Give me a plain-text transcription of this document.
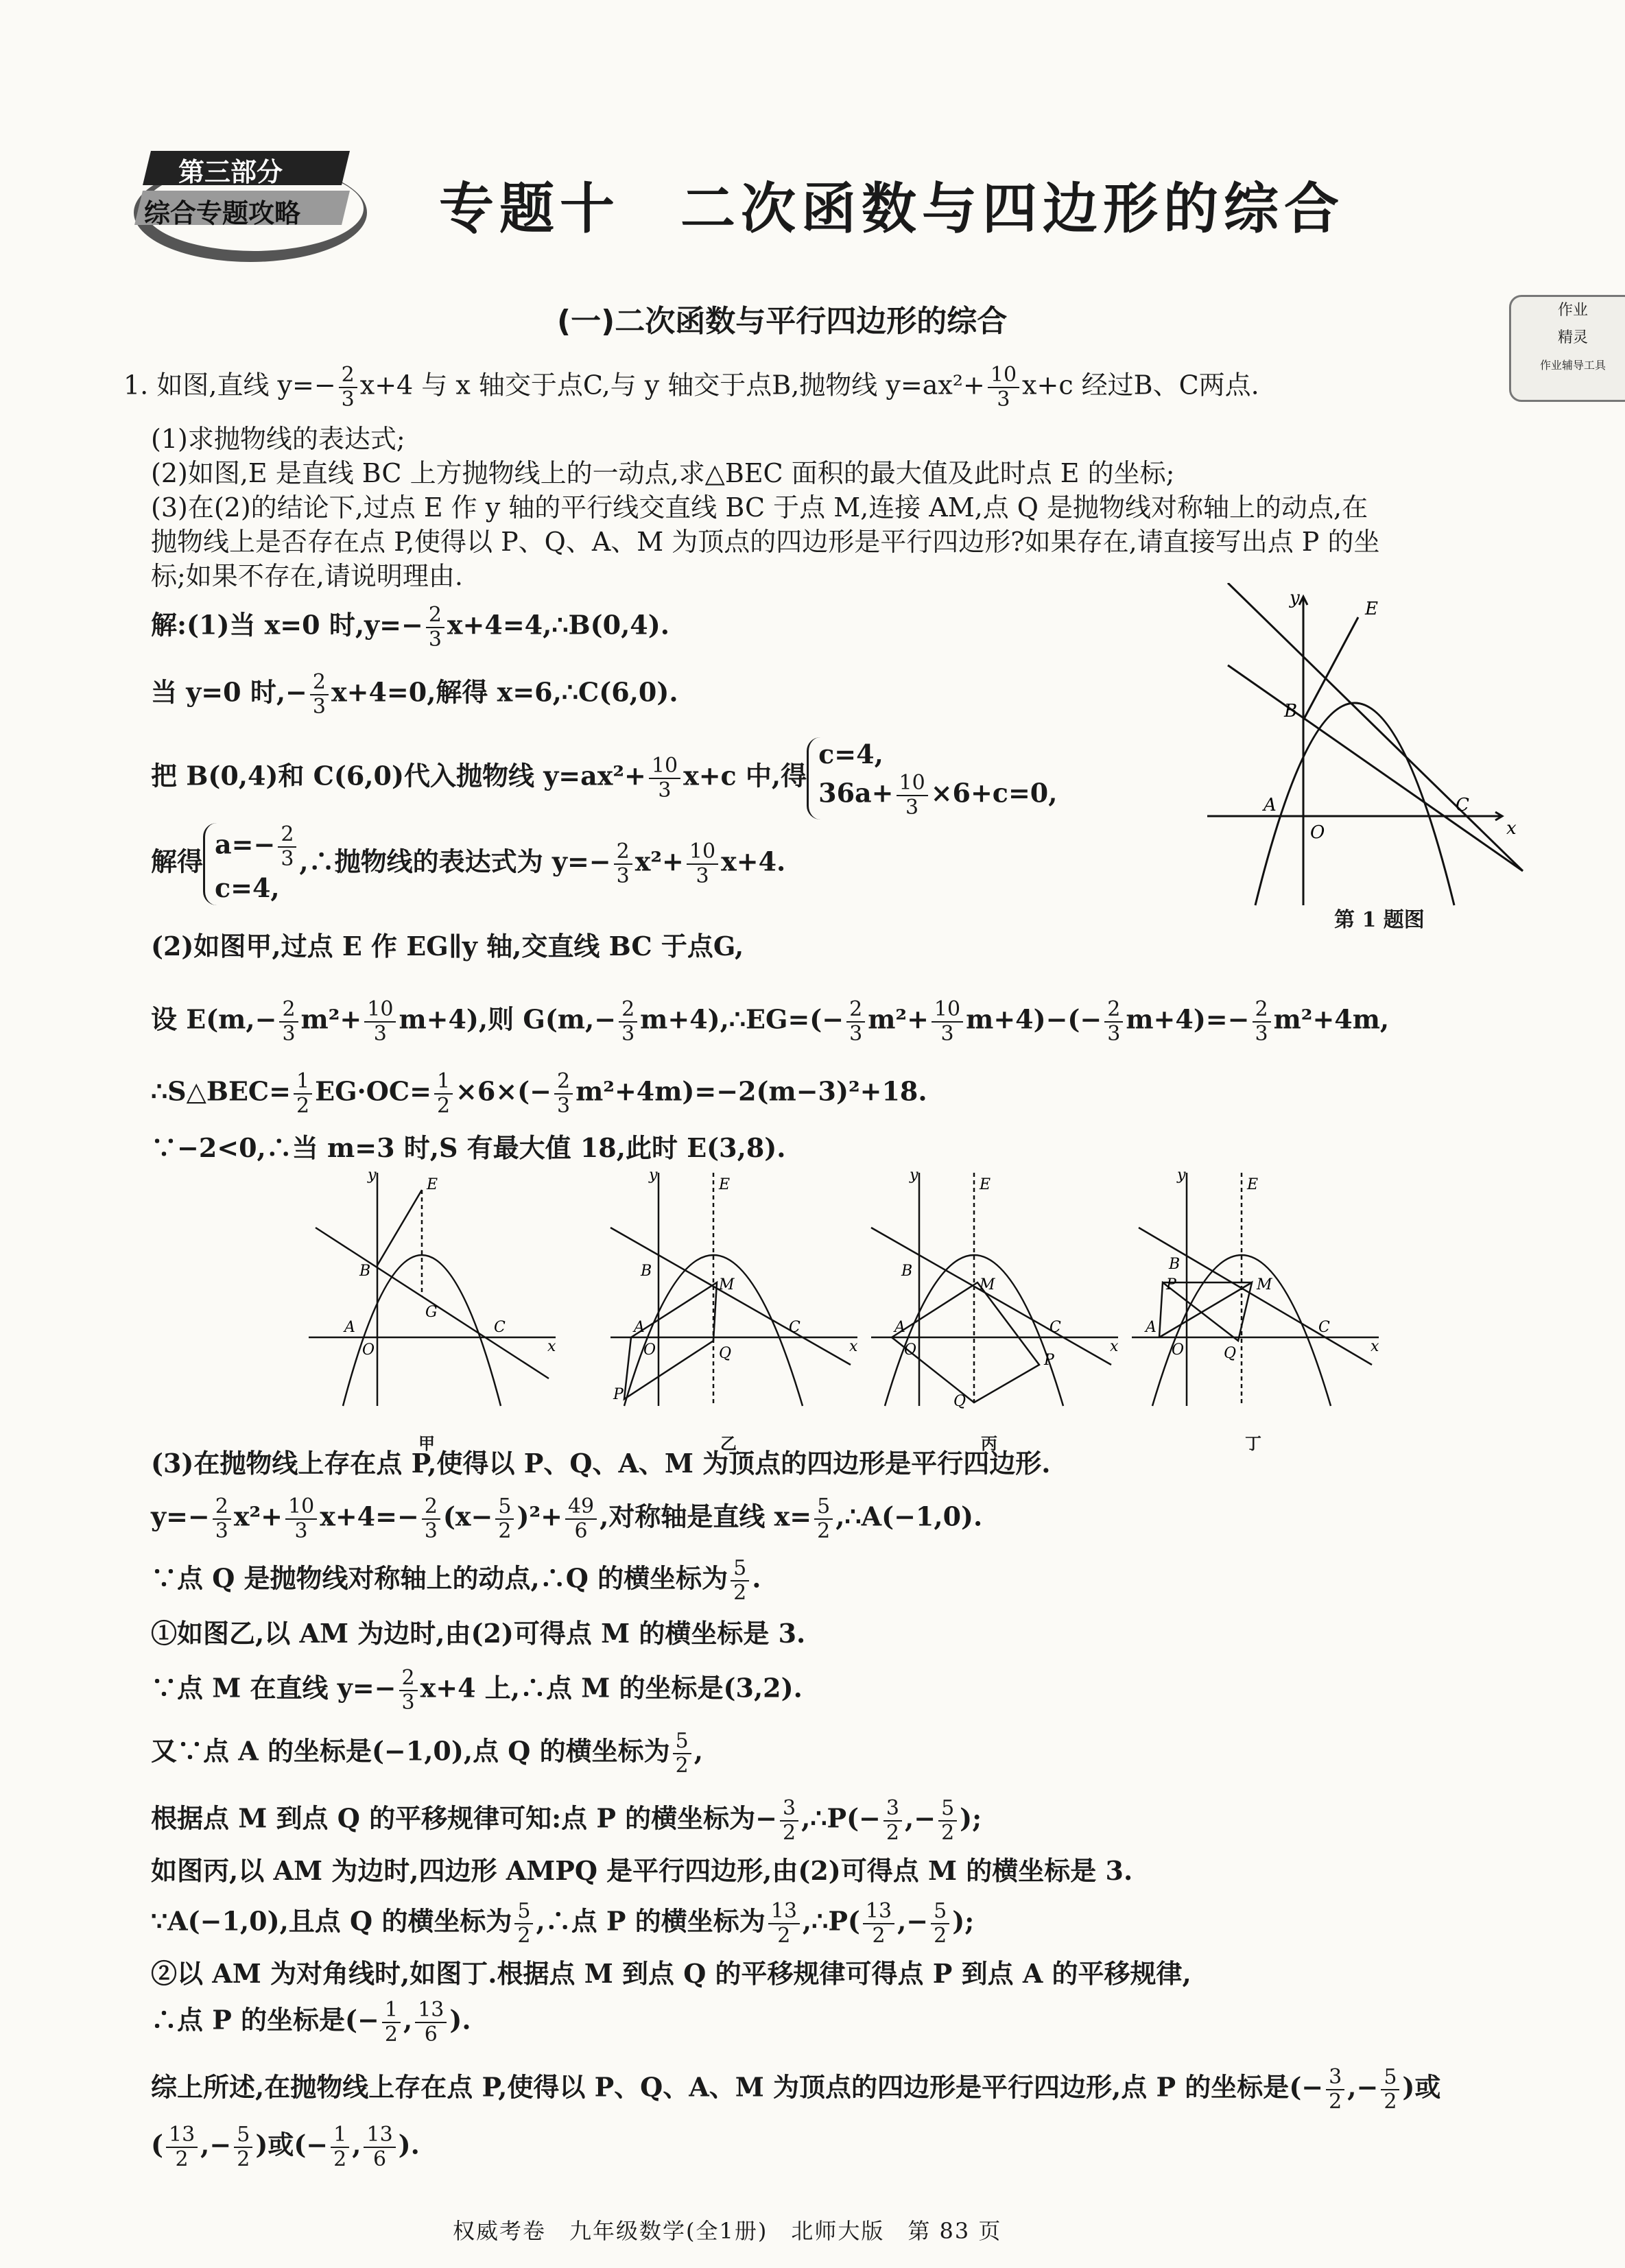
第三部分
综合专题攻略	专题十　二次函数与四边形的综合
(一)二次函数与平行四边形的综合	作业
精灵
作业辅导工具
1. 如图,直线 $y=- \frac{2}{3} x+4$ 与 x 轴交于点C,与 y 轴交于点B,抛物线 $y=ax^2+ \frac{10}{3} x+c$ 经过B、C两点.
(1)求抛物线的表达式;
(2)如图,E 是直线 BC 上方抛物线上的一动点,求△BEC 面积的最大值及此时点 E 的坐标;
(3)在(2)的结论下,过点 E 作 y 轴的平行线交直线 BC 于点 M,连接 AM,点 Q 是抛物线对称轴上的动点,在
抛物线上是否存在点 P,使得以 P、Q、A、M 为顶点的四边形是平行四边形?如果存在,请直接写出点 P 的坐
标;如果不存在,请说明理由.
解:(1)当 x=0 时$,y=- \frac{2}{3}$ x+4=4,∴B(0,4).
当 y=0 时,− $\frac{2}{3} x+4=0$,解得 x=6,∴C(6,0).
把 B(0,4)和 C(6,0)代入抛物线 $y=ax^2+ \frac{10}{3} x+c$ 中,得c=4,
$36a+ \frac{10}{3} \times 6+c=0$,
解得$a=- \frac{2}{3}$

c=4,,∴抛物线的表达式为 $y=- \frac{2}{3} x^2+ \frac{10}{3} x+4$.
(2)如图甲,过点 E 作 EG∥y 轴,交直线 BC 于点G,
设 $E(m,- \frac{2}{3} m^2+ \frac{10}{3} m+4)$,则 $G(m,- \frac{2}{3}$ m+4),∴EG=(− $\frac{2}{3} m^2+ \frac{10}{3} m+4)-(- \frac{2}{3} m+4)=- \frac{2}{3} m^2+4m$,
∴S△BEC= $\frac{1}{2} EG\cdot OC= \frac{1}{2} \times 6\times(- \frac{2}{3} m^2+4m)=-2(m-3)^2+18$.
∵−2<0,∴当 m=3 时,S 有最大值 18,此时 E(3,8).
y
x
O
A
B
C
E
第 1 题图
y
x
O
A
B
C
E
G
y
x
O
A
B
C
E
M
Q
P
y
x
O
A
B
C
E
M
P
Q
y
x
O
A
B
C
E
M
P
Q
甲	乙	丙	丁
(3)在抛物线上存在点 P,使得以 P、Q、A、M 为顶点的四边形是平行四边形.
$y=- \frac{2}{3} x^2+ \frac{10}{3} x+4=- \frac{2}{3} (x- \frac{5}{2} )^2+ \frac{49}{6}$ ,对称轴是直线 $x= \frac{5}{2}$ ,∴A(−1,0).
∵点 Q 是抛物线对称轴上的动点,∴Q 的横坐标为 $\frac{5}{2}$ .
①如图乙,以 AM 为边时,由(2)可得点 M 的横坐标是 3.
∵点 M 在直线 $y=- \frac{2}{3} x+4$ 上,∴点 M 的坐标是(3,2).
又∵点 A 的坐标是(−1,0),点 Q 的横坐标为 $\frac{5}{2}$ ,
根据点 M 到点 Q 的平移规律可知:点 P 的横坐标为− $\frac{3}{2}$ ,∴P(− $\frac{3}{2}$ ,− $\frac{5}{2}$ );
如图丙,以 AM 为边时,四边形 AMPQ 是平行四边形,由(2)可得点 M 的横坐标是 3.
∵A(−1,0),且点 Q 的横坐标为 $\frac{5}{2}$ ,∴点 P 的横坐标为 $\frac{13}{2}$ ,∴P( $\frac{13}{2}$ ,− $\frac{5}{2}$ );
②以 AM 为对角线时,如图丁.根据点 M 到点 Q 的平移规律可得点 P 到点 A 的平移规律,
∴点 P 的坐标是(− $\frac{1}{2}$ , $\frac{13}{6}$ ).
综上所述,在抛物线上存在点 P,使得以 P、Q、A、M 为顶点的四边形是平行四边形,点 P 的坐标是(− $\frac{3}{2}$ ,− $\frac{5}{2}$ )或
( $\frac{13}{2}$ ,− $\frac{5}{2}$ )或(− $\frac{1}{2}$ , $\frac{13}{6}$ ).
权威考卷　九年级数学(全1册)　北师大版　第 83 页
